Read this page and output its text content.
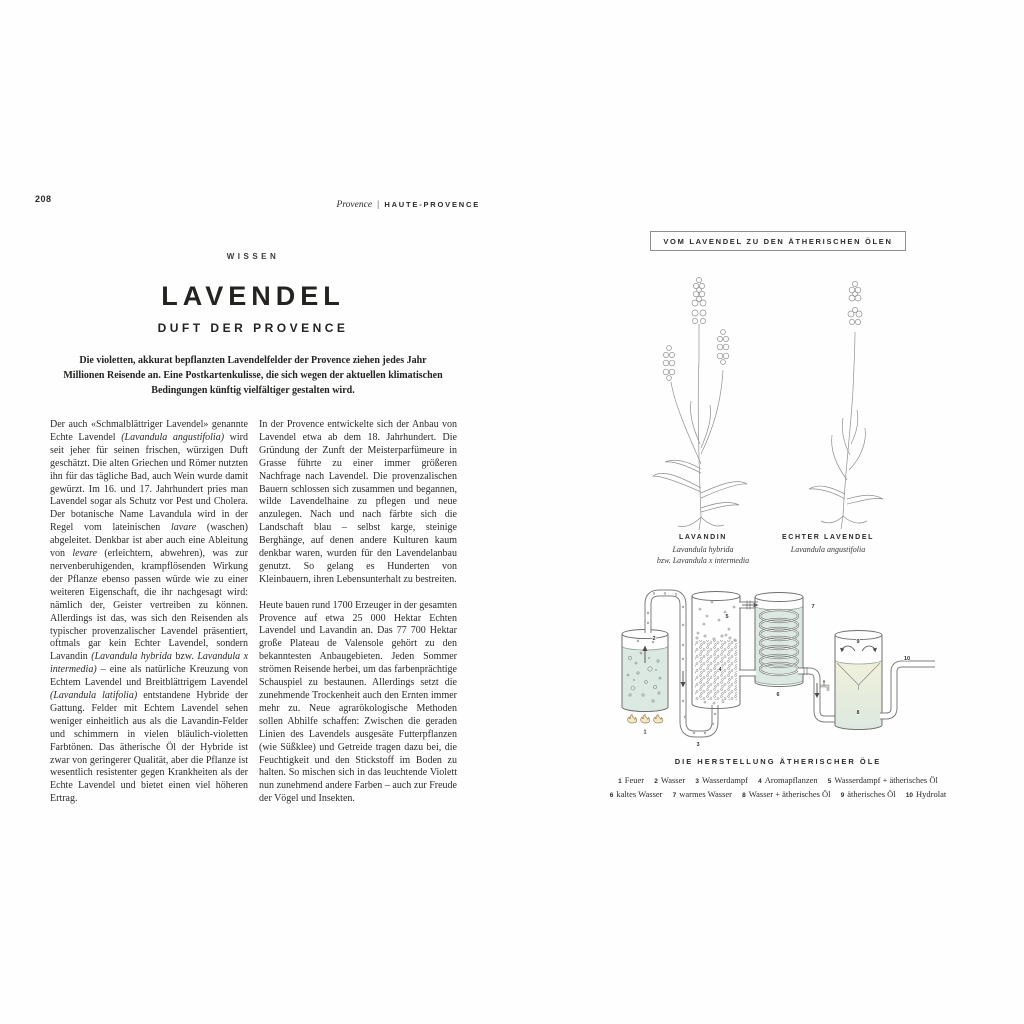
208
Provence | HAUTE-PROVENCE
WISSEN
LAVENDEL
DUFT DER PROVENCE
Die violetten, akkurat bepflanzten Lavendelfelder der Provence ziehen jedes Jahr Millionen Reisende an. Eine Postkartenkulisse, die sich wegen der aktuellen klimatischen Bedingungen künftig vielfältiger gestalten wird.

Der auch «Schmalblättriger Lavendel» genannte Echte Lavendel (Lavandula angustifolia) wird seit jeher für seinen frischen, würzigen Duft geschätzt. Die alten Griechen und Römer nutzten ihn für das tägliche Bad, auch Wein wurde damit gewürzt. Im 16. und 17. Jahrhundert pries man Lavendel sogar als Schutz vor Pest und Cholera. Der botanische Name Lavandula wird in der Regel vom lateinischen lavare (waschen) abgeleitet. Denkbar ist aber auch eine Ableitung von levare (erleichtern, abwehren), was zur nervenberuhigenden, krampflösenden Wirkung der Pflanze ebenso passen würde wie zu einer weiteren Eigenschaft, die ihr nachgesagt wird: nämlich der, Geister vertreiben zu können. Allerdings ist das, was sich den Reisenden als typischer provenzalischer Lavendel präsentiert, oftmals gar kein Echter Lavendel, sondern Lavandin (Lavandula hybrida bzw. Lavandula x intermedia) – eine als natürliche Kreuzung von Echtem Lavendel und Breitblättrigem Lavendel (Lavandula latifolia) entstandene Hybride der Gattung. Felder mit Echtem Lavendel sehen weniger einheitlich aus als die Lavandin-Felder und schimmern in vielen bläulich-violetten Farbtönen. Das ätherische Öl der Hybride ist zwar von geringerer Qualität, aber die Pflanze ist wesentlich resistenter gegen Krankheiten als der Echte Lavendel und bietet einen viel höheren Ertrag.

In der Provence entwickelte sich der Anbau von Lavendel etwa ab dem 18. Jahrhundert. Die Gründung der Zunft der Meisterparfümeure in Grasse führte zu einer immer größeren Nachfrage nach Lavendel. Die provenzalischen Bauern schlossen sich zusammen und begannen, wilde Lavendelhaine zu pflegen und neue anzulegen. Nach und nach färbte sich die Landschaft blau – selbst karge, steinige Berghänge, auf denen andere Kulturen kaum denkbar waren, wurden für den Lavendelanbau genutzt. So gelang es Hunderten von Kleinbauern, ihren Lebensunterhalt zu bestreiten.

Heute bauen rund 1700 Erzeuger in der gesamten Provence auf etwa 25 000 Hektar Echten Lavendel und Lavandin an. Das 77 700 Hektar große Plateau de Valensole gehört zu den bekanntesten Anbaugebieten. Jeden Sommer strömen Reisende herbei, um das farbenprächtige Schauspiel zu bestaunen. Allerdings setzt die zunehmende Trockenheit auch den Ernten immer mehr zu. Neue agrarökologische Methoden sollen Abhilfe schaffen: Zwischen die geraden Linien des Lavendels ausgesäte Futterpflanzen (wie Süßklee) und Getreide tragen dazu bei, die Feuchtigkeit und den Stickstoff im Boden zu halten. So mischen sich in das leuchtende Violett nun zunehmend andere Farben – auch zur Freude der Vögel und Insekten.

VOM LAVENDEL ZU DEN ÄTHERISCHEN ÖLEN
LAVANDIN
Lavandula hybrida
bzw. Lavandula x intermedia
ECHTER LAVENDEL
Lavandula angustifolia
1
2
3
4
5
6
7
8
9
10
DIE HERSTELLUNG ÄTHERISCHER ÖLE
1 Feuer 2 Wasser 3 Wasserdampf 4 Aromapflanzen 5 Wasserdampf + ätherisches Öl
6 kaltes Wasser 7 warmes Wasser 8 Wasser + ätherisches Öl 9 ätherisches Öl 10 Hydrolat
